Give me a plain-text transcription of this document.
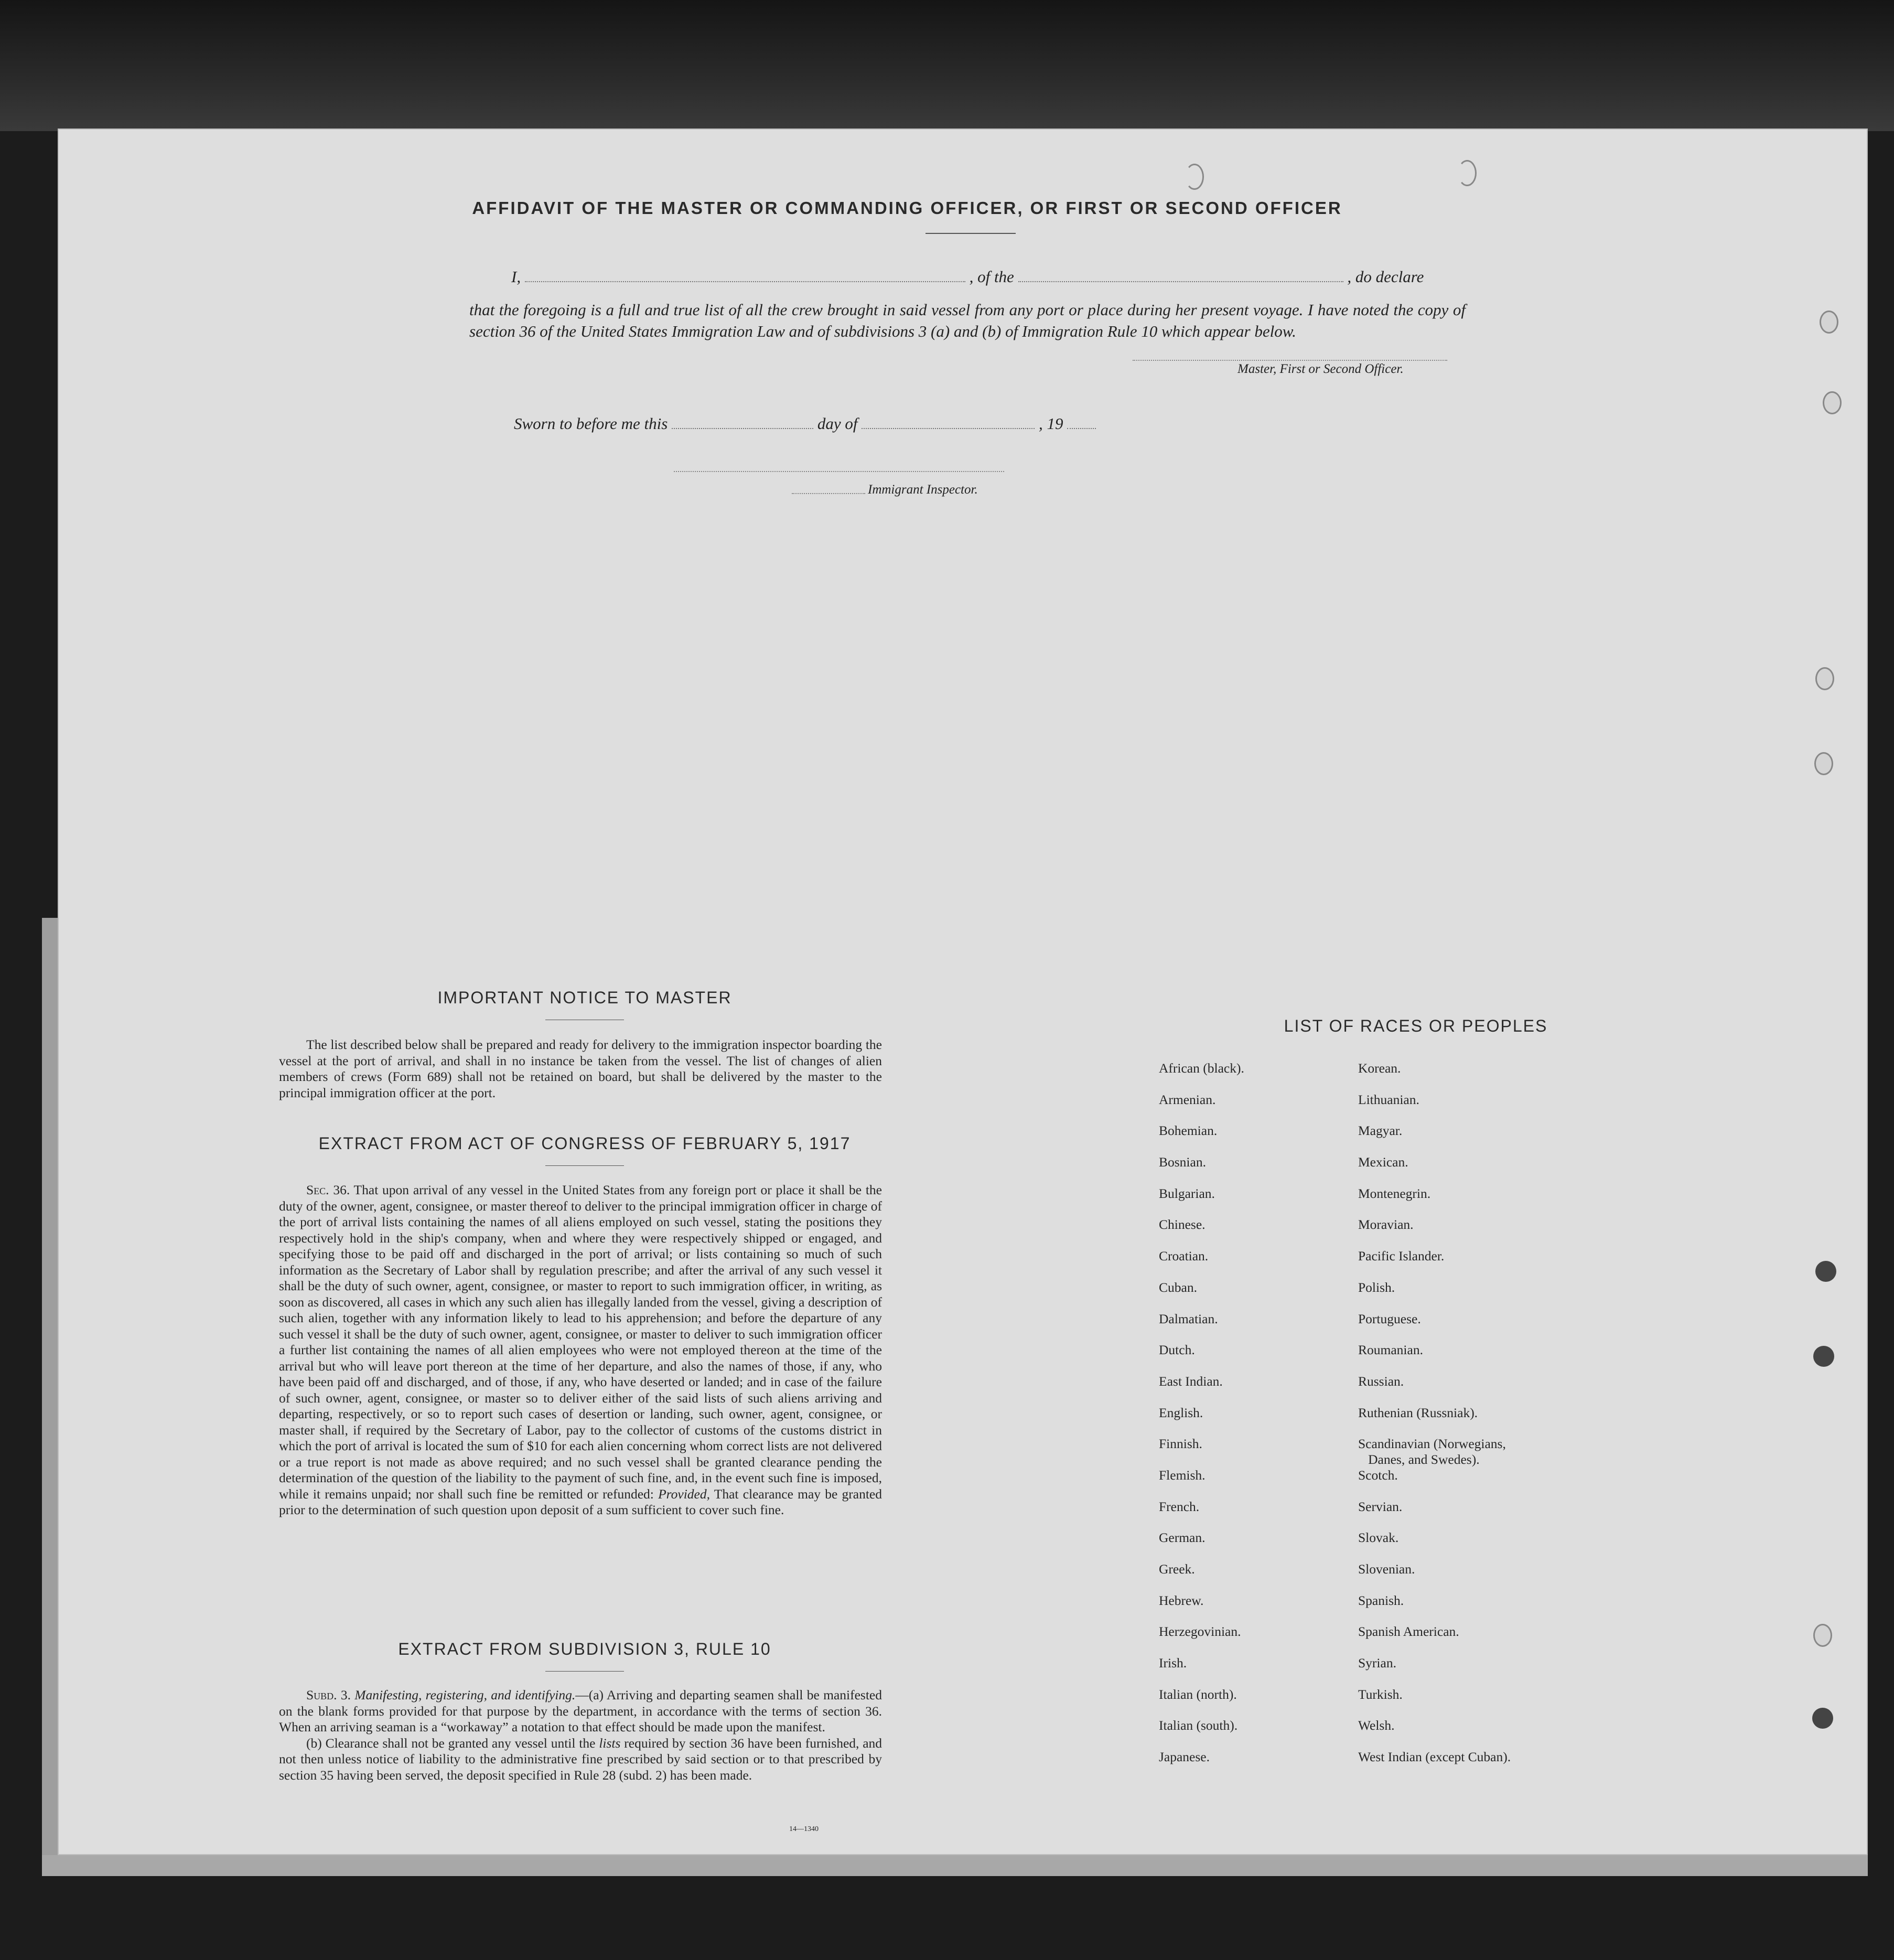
AFFIDAVIT OF THE MASTER OR COMMANDING OFFICER, OR FIRST OR SECOND OFFICER
I,	, of the	, do declare
that the foregoing is a full and true list of all the crew brought in said vessel from any port or place during her present voyage. I have noted the copy of section 36 of the United States Immigration Law and of subdivisions 3 (a) and (b) of Immigration Rule 10 which appear below.
Master, First or Second Officer.
Sworn to before me this	day of	, 19
Immigrant Inspector.
IMPORTANT NOTICE TO MASTER

The list described below shall be prepared and ready for delivery to the immigration inspector boarding the vessel at the port of arrival, and shall in no instance be taken from the vessel. The list of changes of alien members of crews (Form 689) shall not be retained on board, but shall be delivered by the master to the principal immigration officer at the port.

EXTRACT FROM ACT OF CONGRESS OF FEBRUARY 5, 1917

Sec. 36. That upon arrival of any vessel in the United States from any foreign port or place it shall be the duty of the owner, agent, consignee, or master thereof to deliver to the principal immigration officer in charge of the port of arrival lists containing the names of all aliens employed on such vessel, stating the positions they respectively hold in the ship's company, when and where they were respectively shipped or engaged, and specifying those to be paid off and discharged in the port of arrival; or lists containing so much of such information as the Secretary of Labor shall by regulation prescribe; and after the arrival of any such vessel it shall be the duty of such owner, agent, consignee, or master to report to such immigration officer, in writing, as soon as discovered, all cases in which any such alien has illegally landed from the vessel, giving a description of such alien, together with any information likely to lead to his apprehension; and before the departure of any such vessel it shall be the duty of such owner, agent, consignee, or master to deliver to such immigration officer a further list containing the names of all alien employees who were not employed thereon at the time of the arrival but who will leave port thereon at the time of her departure, and also the names of those, if any, who have been paid off and discharged, and of those, if any, who have deserted or landed; and in case of the failure of such owner, agent, consignee, or master so to deliver either of the said lists of such aliens arriving and departing, respectively, or so to report such cases of desertion or landing, such owner, agent, consignee, or master shall, if required by the Secretary of Labor, pay to the collector of customs of the customs district in which the port of arrival is located the sum of $10 for each alien concerning whom correct lists are not delivered or a true report is not made as above required; and no such vessel shall be granted clearance pending the determination of the question of the liability to the payment of such fine, and, in the event such fine is imposed, while it remains unpaid; nor shall such fine be remitted or refunded: Provided, That clearance may be granted prior to the determination of such question upon deposit of a sum sufficient to cover such fine.

EXTRACT FROM SUBDIVISION 3, RULE 10

Subd. 3. Manifesting, registering, and identifying.—(a) Arriving and departing seamen shall be manifested on the blank forms provided for that purpose by the department, in accordance with the terms of section 36. When an arriving seaman is a “workaway” a notation to that effect should be made upon the manifest.

(b) Clearance shall not be granted any vessel until the lists required by section 36 have been furnished, and not then unless notice of liability to the administrative fine prescribed by said section or to that prescribed by section 35 having been served, the deposit specified in Rule 28 (subd. 2) has been made.

14—1340
LIST OF RACES OR PEOPLES
African (black).	Korean.
Armenian.	Lithuanian.
Bohemian.	Magyar.
Bosnian.	Mexican.
Bulgarian.	Montenegrin.
Chinese.	Moravian.
Croatian.	Pacific Islander.
Cuban.	Polish.
Dalmatian.	Portuguese.
Dutch.	Roumanian.
East Indian.	Russian.
English.	Ruthenian (Russniak).
Finnish.	Scandinavian (Norwegians,
Danes, and Swedes).
Flemish.	Scotch.
French.	Servian.
German.	Slovak.
Greek.	Slovenian.
Hebrew.	Spanish.
Herzegovinian.	Spanish American.
Irish.	Syrian.
Italian (north).	Turkish.
Italian (south).	Welsh.
Japanese.	West Indian (except Cuban).
